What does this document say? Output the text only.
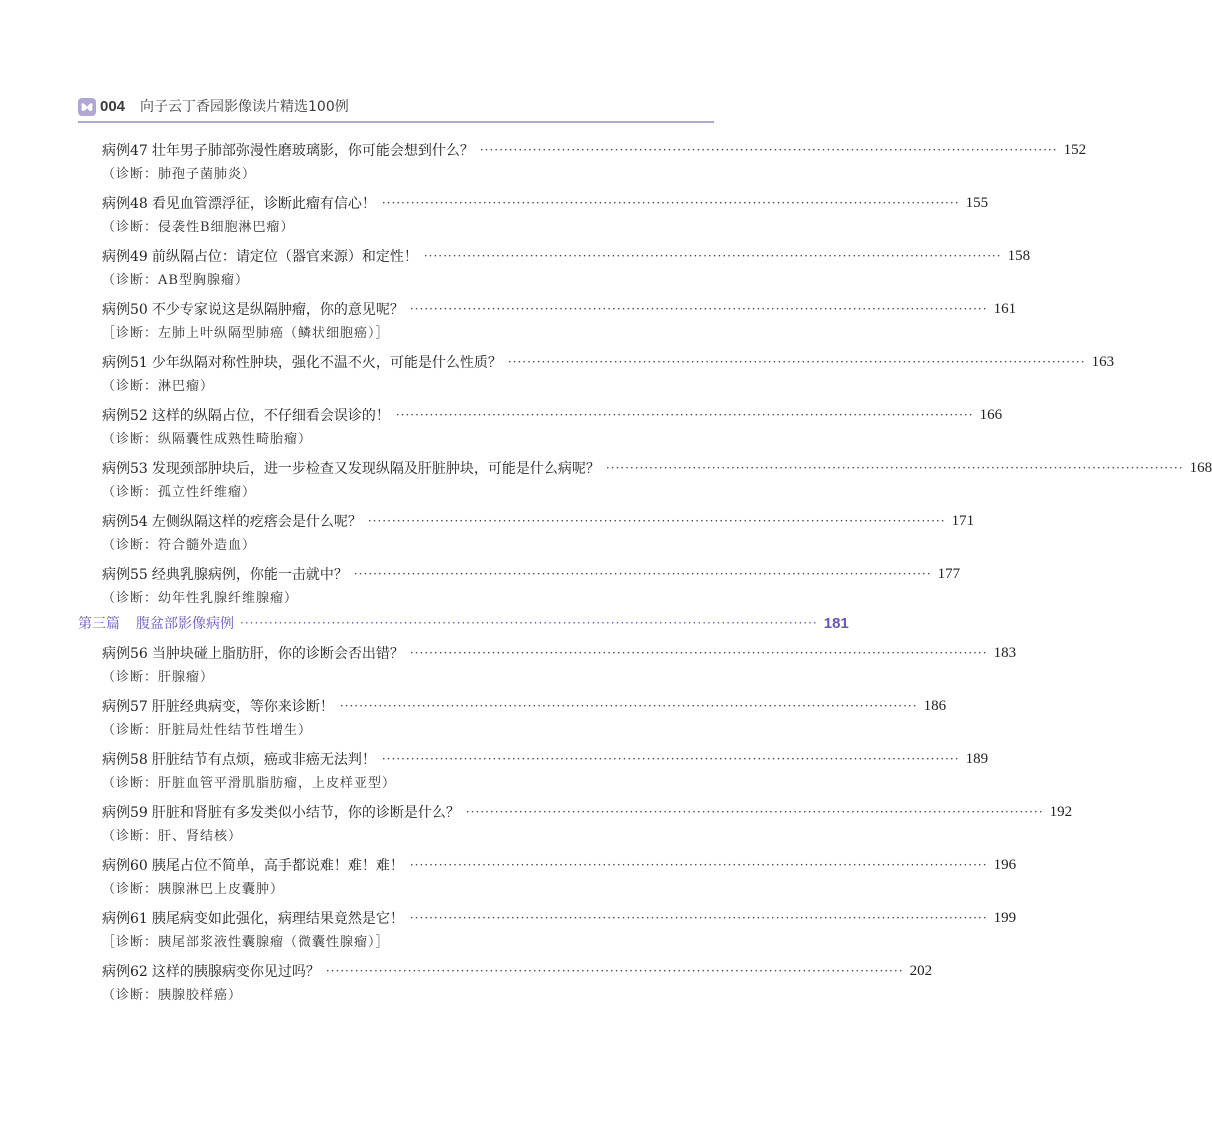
004 向子云丁香园影像读片精选100例
病例47 壮年男子肺部弥漫性磨玻璃影，你可能会想到什么？ ························································································································ 152
（诊断：肺孢子菌肺炎）
病例48 看见血管漂浮征，诊断此瘤有信心！ ························································································································ 155
（诊断：侵袭性B细胞淋巴瘤）
病例49 前纵隔占位：请定位（器官来源）和定性！ ························································································································ 158
（诊断：AB型胸腺瘤）
病例50 不少专家说这是纵隔肿瘤，你的意见呢？ ························································································································ 161
［诊断：左肺上叶纵隔型肺癌（鳞状细胞癌）］
病例51 少年纵隔对称性肿块，强化不温不火，可能是什么性质？ ························································································································ 163
（诊断：淋巴瘤）
病例52 这样的纵隔占位，不仔细看会误诊的！ ························································································································ 166
（诊断：纵隔囊性成熟性畸胎瘤）
病例53 发现颈部肿块后，进一步检查又发现纵隔及肝脏肿块，可能是什么病呢？ ························································································································ 168
（诊断：孤立性纤维瘤）
病例54 左侧纵隔这样的疙瘩会是什么呢？ ························································································································ 171
（诊断：符合髓外造血）
病例55 经典乳腺病例，你能一击就中？ ························································································································ 177
（诊断：幼年性乳腺纤维腺瘤）
第三篇 腹盆部影像病例 ························································································································ 181
病例56 当肿块碰上脂肪肝，你的诊断会否出错？ ························································································································ 183
（诊断：肝腺瘤）
病例57 肝脏经典病变，等你来诊断！ ························································································································ 186
（诊断：肝脏局灶性结节性增生）
病例58 肝脏结节有点烦，癌或非癌无法判！ ························································································································ 189
（诊断：肝脏血管平滑肌脂肪瘤，上皮样亚型）
病例59 肝脏和肾脏有多发类似小结节，你的诊断是什么？ ························································································································ 192
（诊断：肝、肾结核）
病例60 胰尾占位不简单，高手都说难！难！难！ ························································································································ 196
（诊断：胰腺淋巴上皮囊肿）
病例61 胰尾病变如此强化，病理结果竟然是它！ ························································································································ 199
［诊断：胰尾部浆液性囊腺瘤（微囊性腺瘤）］
病例62 这样的胰腺病变你见过吗？ ························································································································ 202
（诊断：胰腺胶样癌）
